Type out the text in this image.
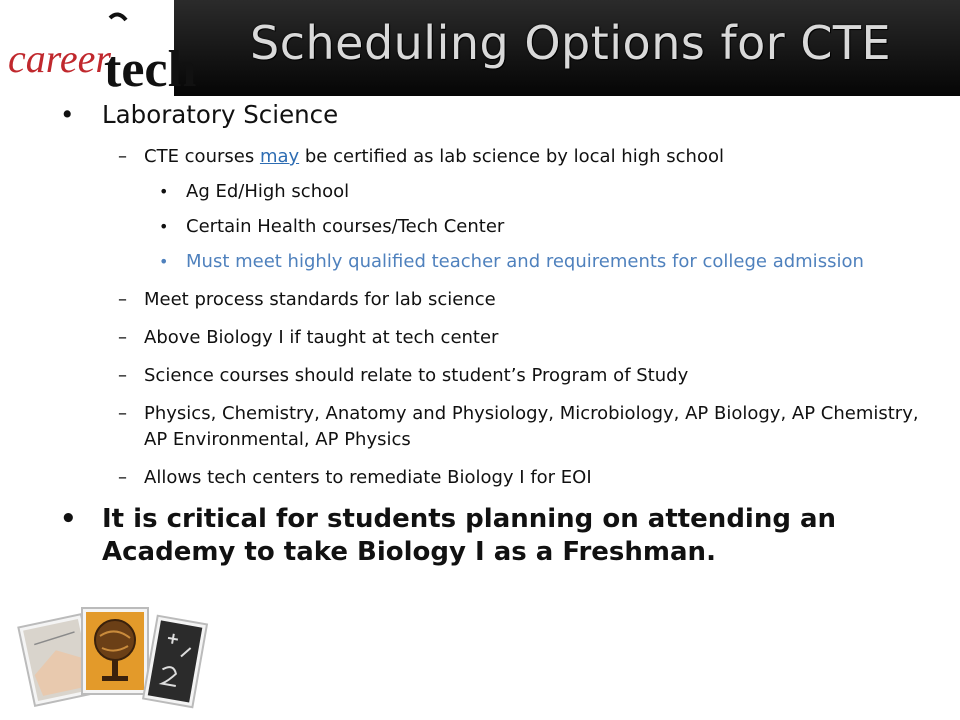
career
tech Scheduling Options for CTE
• Laboratory Science
– CTE courses may be certified as lab science by local high school
• Ag Ed/High school
• Certain Health courses/Tech Center
• Must meet highly qualified teacher and requirements for college admission
– Meet process standards for lab science
– Above Biology I if taught at tech center
– Science courses should relate to student’s Program of Study
– Physics, Chemistry, Anatomy and Physiology, Microbiology, AP Biology, AP Chemistry, AP Environmental, AP Physics
– Allows tech centers to remediate Biology I for EOI
• It is critical for students planning on attending an Academy to take Biology I as a Freshman.
